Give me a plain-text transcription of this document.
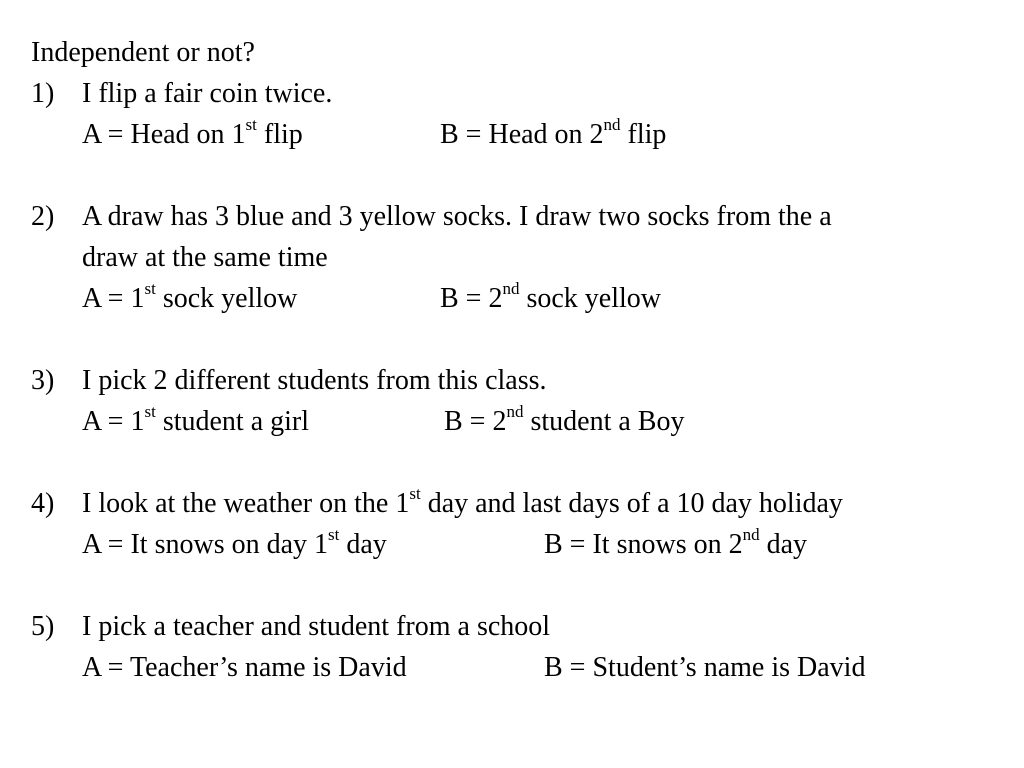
Independent or not?
1) I flip a fair coin twice.
A = Head on 1st flip	B = Head on 2nd flip
2) A draw has 3 blue and 3 yellow socks. I draw two socks from the a
draw at the same time
A = 1st sock yellow	B = 2nd sock yellow
3) I pick 2 different students from this class.
A = 1st student a girl	B = 2nd student a Boy
4) I look at the weather on the 1st day and last days of a 10 day holiday
A = It snows on day 1st day	B = It snows on 2nd day
5) I pick a teacher and student from a school
A = Teacher’s name is David	B = Student’s name is David
